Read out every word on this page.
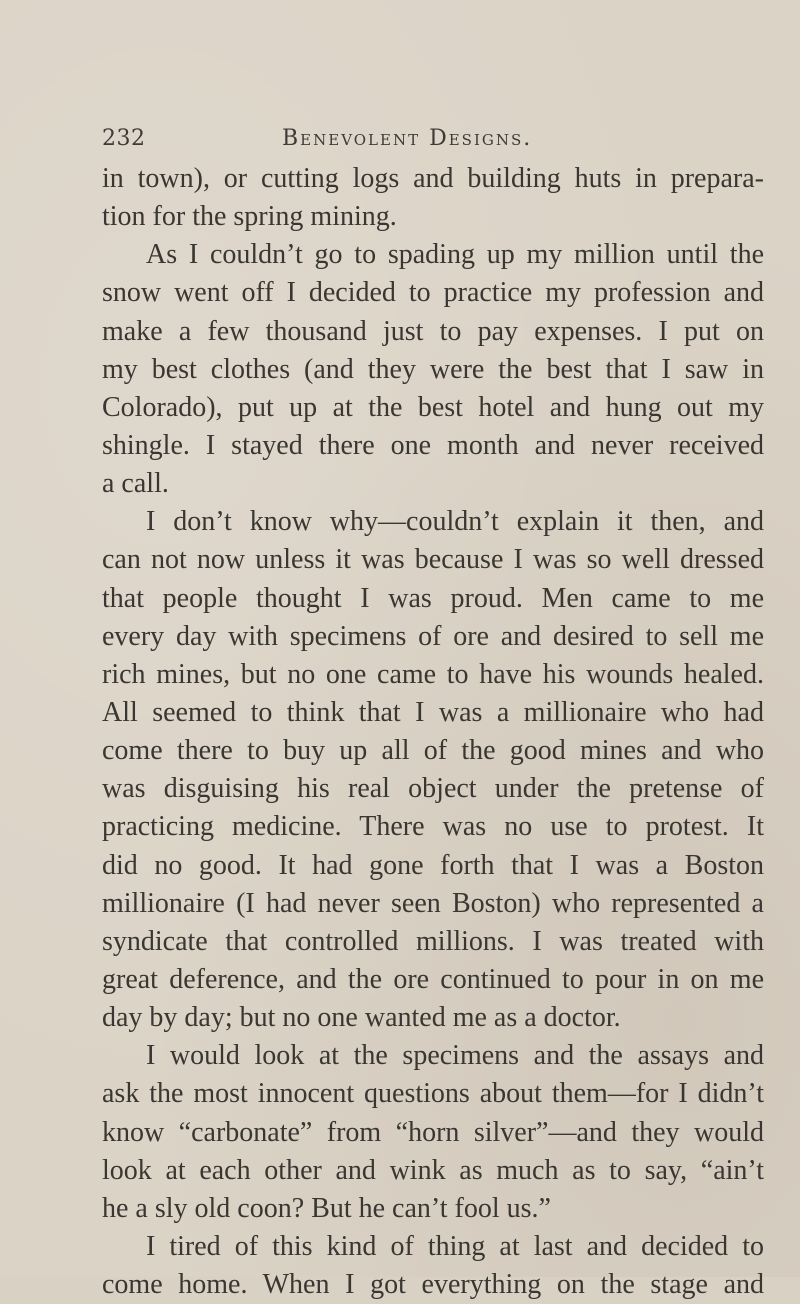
232	Benevolent Designs.
in town), or cutting logs and building huts in prepara-
tion for the spring mining.
As I couldn’t go to spading up my million until the
snow went off I decided to practice my profession and
make a few thousand just to pay expenses. I put on
my best clothes (and they were the best that I saw in
Colorado), put up at the best hotel and hung out my
shingle. I stayed there one month and never received
a call.
I don’t know why—couldn’t explain it then, and
can not now unless it was because I was so well dressed
that people thought I was proud. Men came to me
every day with specimens of ore and desired to sell me
rich mines, but no one came to have his wounds healed.
All seemed to think that I was a millionaire who had
come there to buy up all of the good mines and who
was disguising his real object under the pretense of
practicing medicine. There was no use to protest. It
did no good. It had gone forth that I was a Boston
millionaire (I had never seen Boston) who represented a
syndicate that controlled millions. I was treated with
great deference, and the ore continued to pour in on me
day by day; but no one wanted me as a doctor.
I would look at the specimens and the assays and
ask the most innocent questions about them—for I didn’t
know “carbonate” from “horn silver”—and they would
look at each other and wink as much as to say, “ain’t
he a sly old coon? But he can’t fool us.”
I tired of this kind of thing at last and decided to
come home. When I got everything on the stage and
